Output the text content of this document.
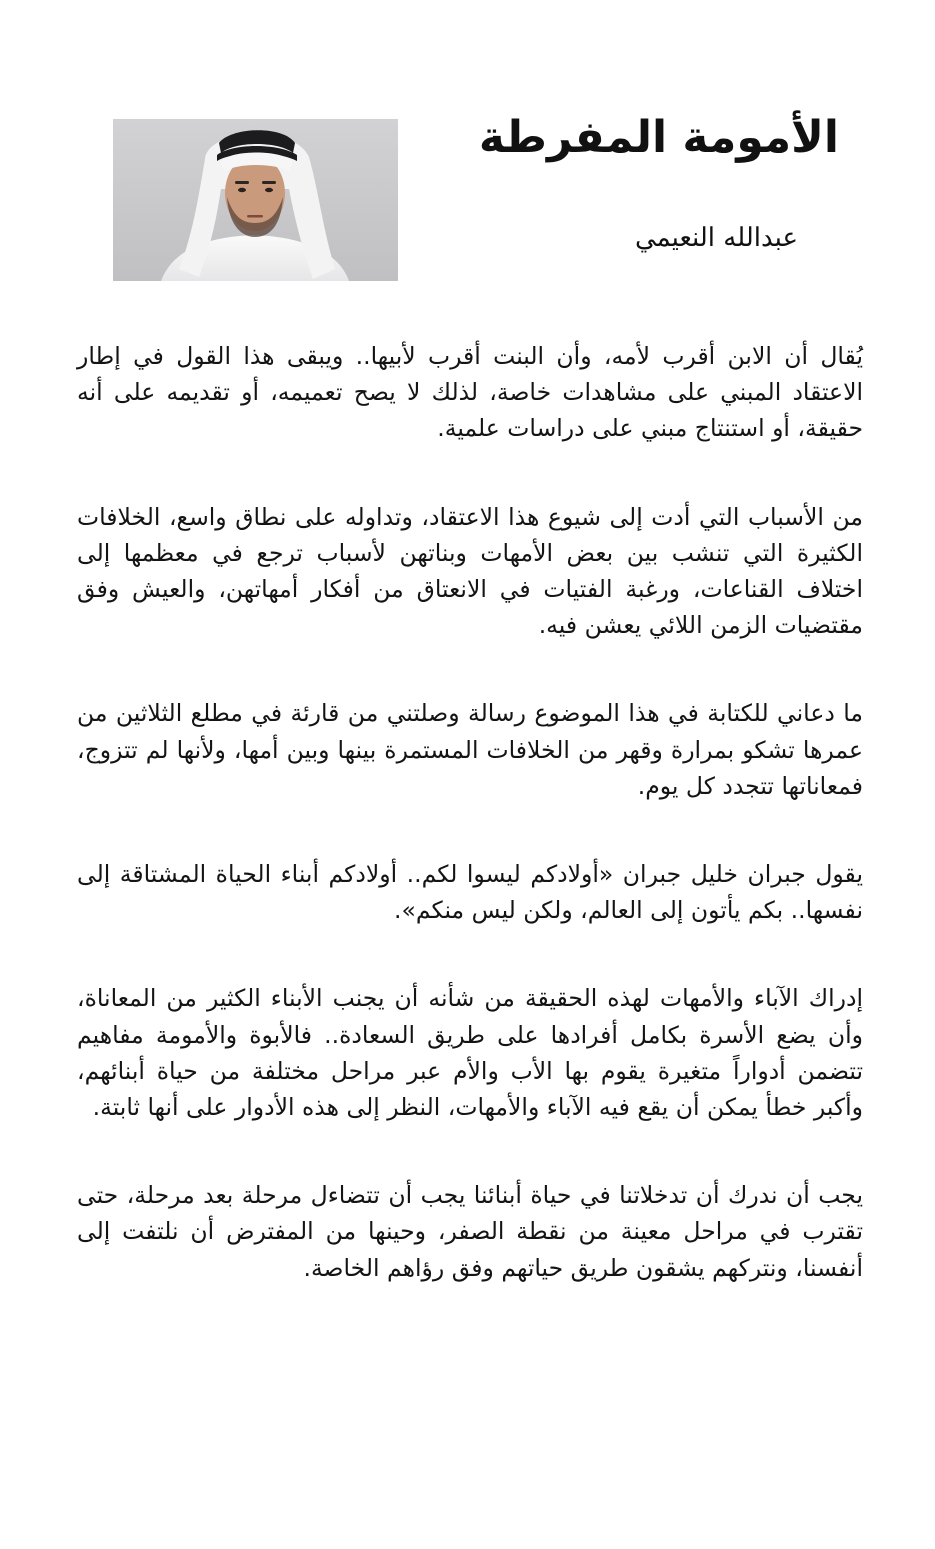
الأمومة المفرطة
عبدالله النعيمي

يُقال أن الابن أقرب لأمه، وأن البنت أقرب لأبيها.. ويبقى هذا القول في إطار الاعتقاد المبني على مشاهدات خاصة، لذلك لا يصح تعميمه، أو تقديمه على أنه حقيقة، أو استنتاج مبني على دراسات علمية.

من الأسباب التي أدت إلى شيوع هذا الاعتقاد، وتداوله على نطاق واسع، الخلافات الكثيرة التي تنشب بين بعض الأمهات وبناتهن لأسباب ترجع في معظمها إلى اختلاف القناعات، ورغبة الفتيات في الانعتاق من أفكار أمهاتهن، والعيش وفق مقتضيات الزمن اللائي يعشن فيه.

ما دعاني للكتابة في هذا الموضوع رسالة وصلتني من قارئة في مطلع الثلاثين من عمرها تشكو بمرارة وقهر من الخلافات المستمرة بينها وبين أمها، ولأنها لم تتزوج، فمعاناتها تتجدد كل يوم.

يقول جبران خليل جبران «أولادكم ليسوا لكم.. أولادكم أبناء الحياة المشتاقة إلى نفسها.. بكم يأتون إلى العالم، ولكن ليس منكم».

إدراك الآباء والأمهات لهذه الحقيقة من شأنه أن يجنب الأبناء الكثير من المعاناة، وأن يضع الأسرة بكامل أفرادها على طريق السعادة.. فالأبوة والأمومة مفاهيم تتضمن أدواراً متغيرة يقوم بها الأب والأم عبر مراحل مختلفة من حياة أبنائهم، وأكبر خطأ يمكن أن يقع فيه الآباء والأمهات، النظر إلى هذه الأدوار على أنها ثابتة.

يجب أن ندرك أن تدخلاتنا في حياة أبنائنا يجب أن تتضاءل مرحلة بعد مرحلة، حتى تقترب في مراحل معينة من نقطة الصفر، وحينها من المفترض أن نلتفت إلى أنفسنا، ونتركهم يشقون طريق حياتهم وفق رؤاهم الخاصة.
